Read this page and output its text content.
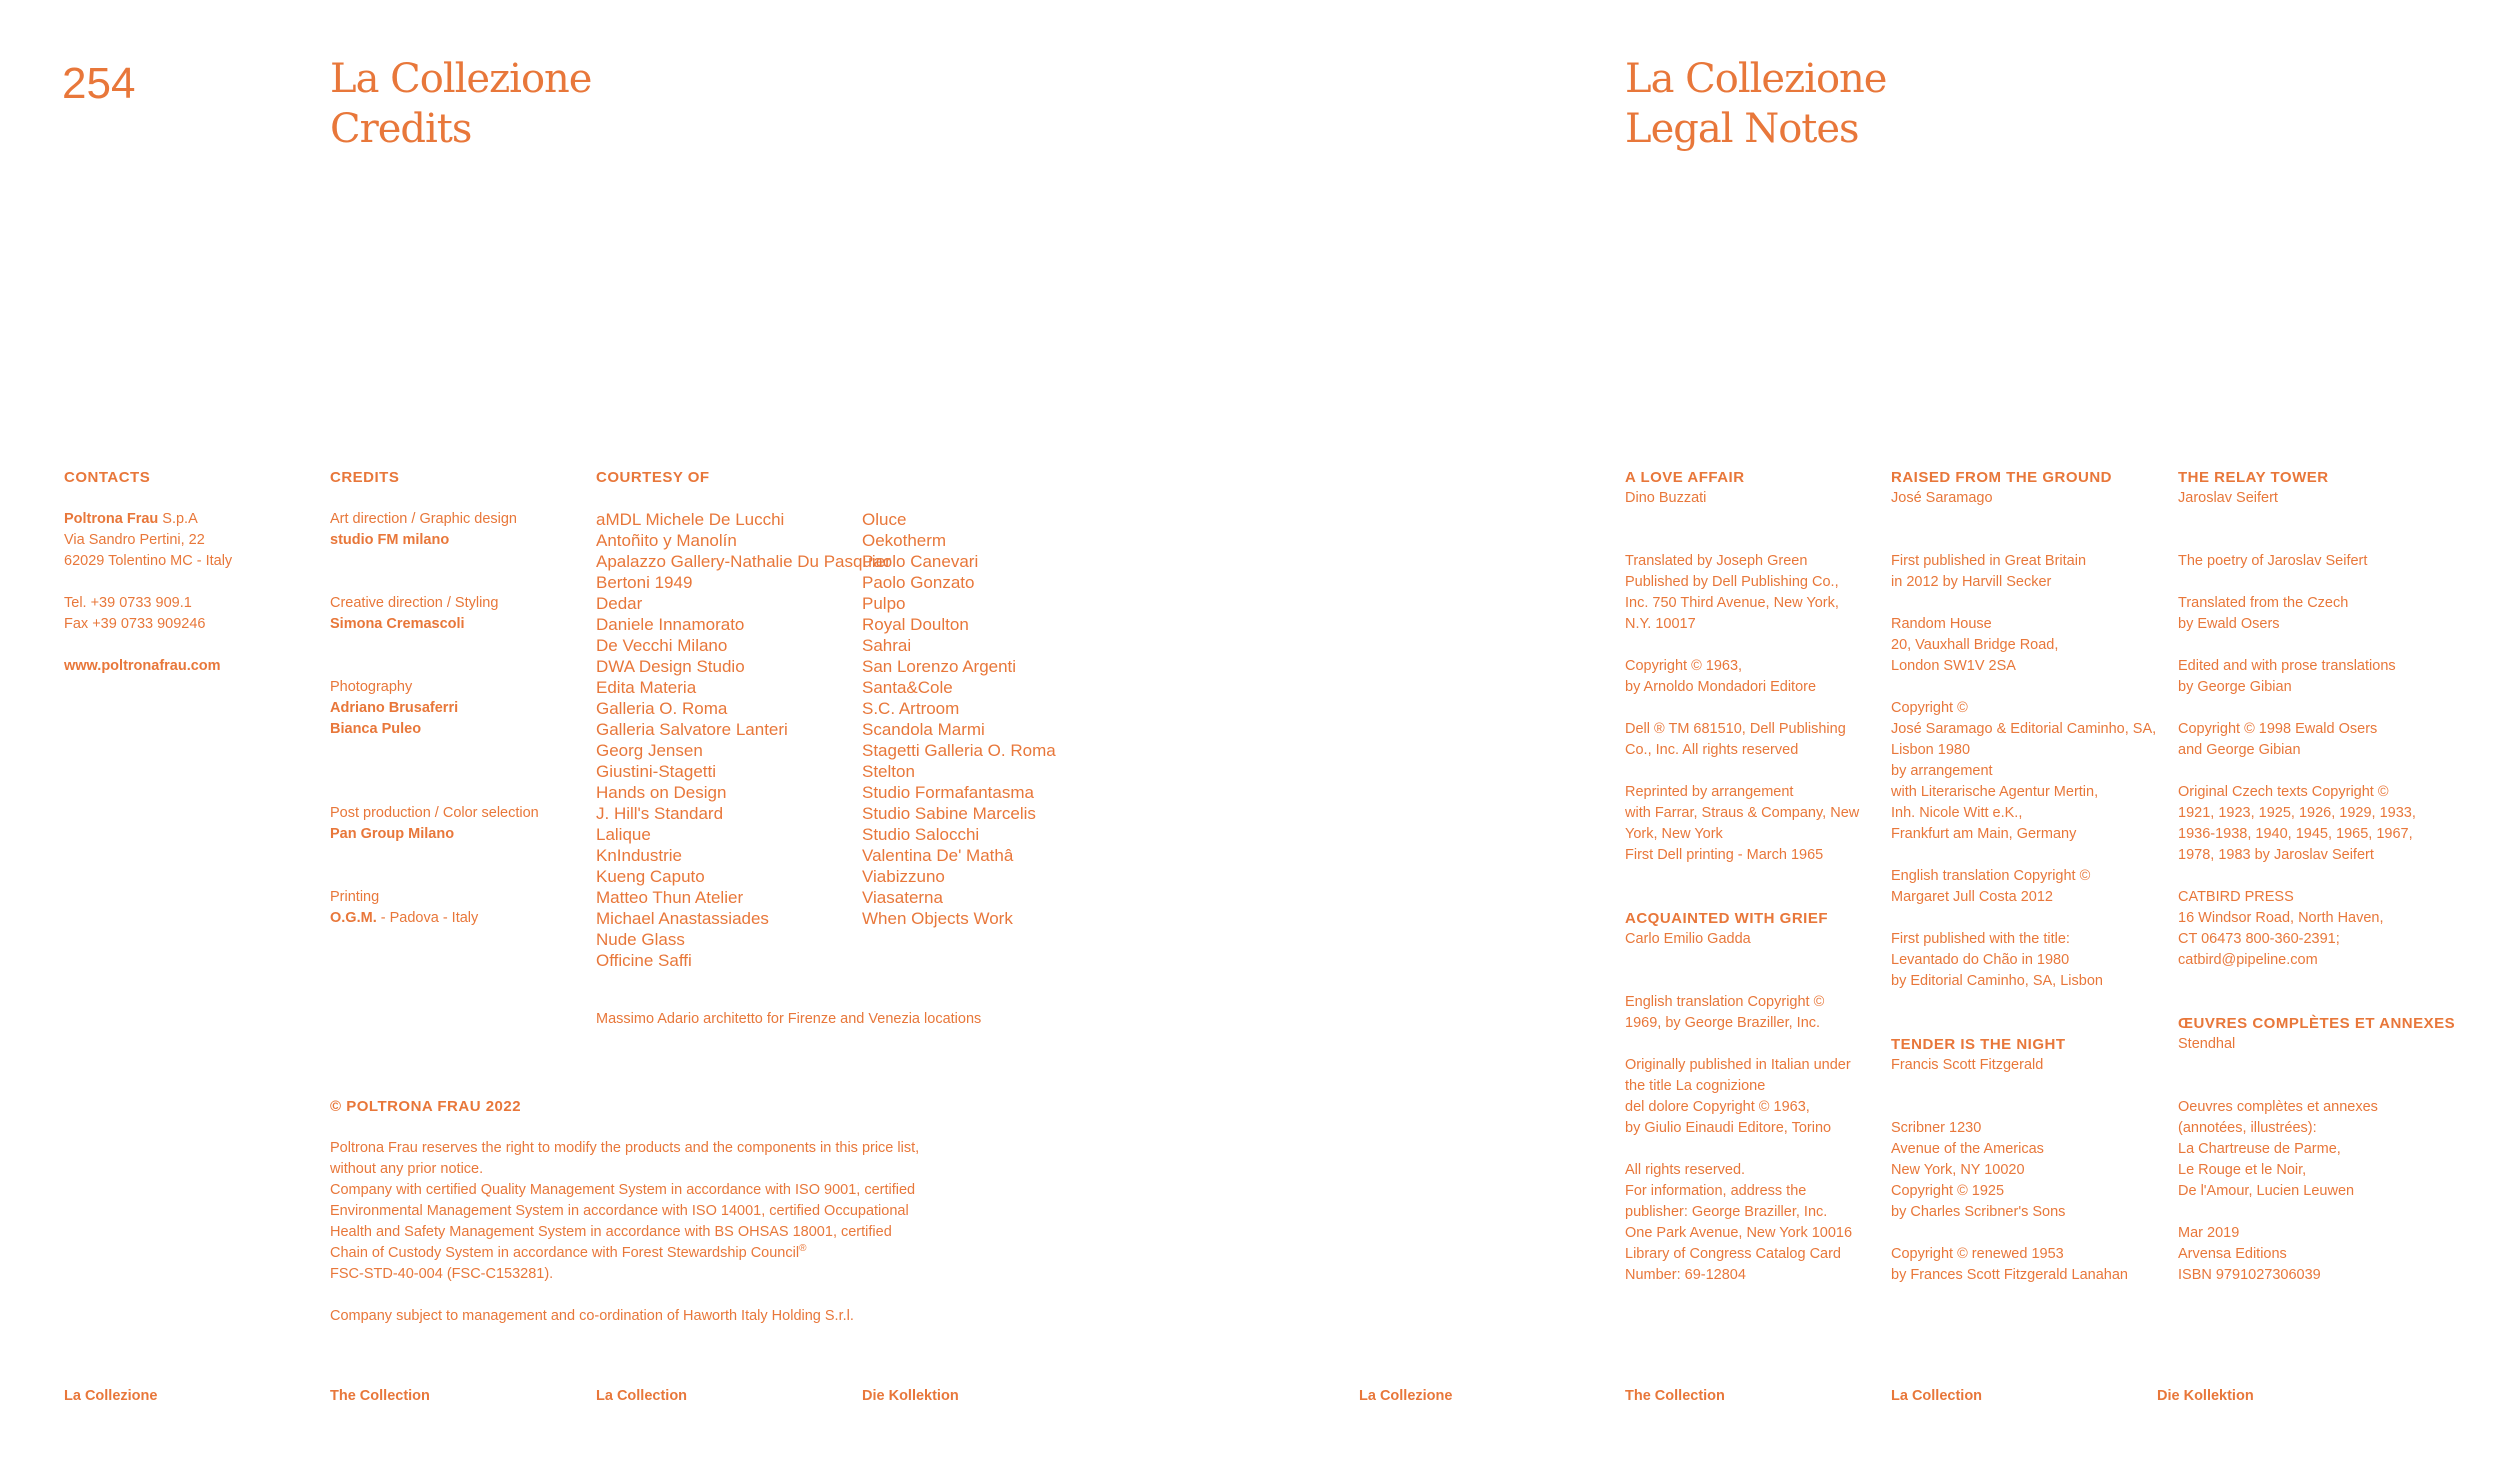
254	La Collezione
Credits
CONTACTS
Poltrona Frau S.p.A
Via Sandro Pertini, 22
62029 Tolentino MC - Italy
Tel. +39 0733 909.1
Fax +39 0733 909246
www.poltronafrau.com
CREDITS
Art direction / Graphic design
studio FM milano
Creative direction / Styling
Simona Cremascoli
Photography
Adriano Brusaferri
Bianca Puleo
Post production / Color selection
Pan Group Milano
Printing
O.G.M. - Padova - Italy
COURTESY OF
aMDL Michele De Lucchi
Antoñito y Manolín
Apalazzo Gallery-Nathalie Du Pasquier
Bertoni 1949
Dedar
Daniele Innamorato
De Vecchi Milano
DWA Design Studio
Edita Materia
Galleria O. Roma
Galleria Salvatore Lanteri
Georg Jensen
Giustini-Stagetti
Hands on Design
J. Hill's Standard
Lalique
KnIndustrie
Kueng Caputo
Matteo Thun Atelier
Michael Anastassiades
Nude Glass
Officine Saffi
Oluce
Oekotherm
Paolo Canevari
Paolo Gonzato
Pulpo
Royal Doulton
Sahrai
San Lorenzo Argenti
Santa&Cole
S.C. Artroom
Scandola Marmi
Stagetti Galleria O. Roma
Stelton
Studio Formafantasma
Studio Sabine Marcelis
Studio Salocchi
Valentina De' Mathâ
Viabizzuno
Viasaterna
When Objects Work
Massimo Adario architetto for Firenze and Venezia locations
© POLTRONA FRAU 2022
Poltrona Frau reserves the right to modify the products and the components in this price list,
without any prior notice.
Company with certified Quality Management System in accordance with ISO 9001, certified
Environmental Management System in accordance with ISO 14001, certified Occupational
Health and Safety Management System in accordance with BS OHSAS 18001, certified
Chain of Custody System in accordance with Forest Stewardship Council®
FSC-STD-40-004 (FSC-C153281).
Company subject to management and co-ordination of Haworth Italy Holding S.r.l.
La Collezione	The Collection	La Collection	Die Kollektion
La Collezione
Legal Notes
A LOVE AFFAIR
Dino Buzzati
Translated by Joseph Green
Published by Dell Publishing Co.,
Inc. 750 Third Avenue, New York,
N.Y. 10017
Copyright © 1963,
by Arnoldo Mondadori Editore
Dell ® TM 681510, Dell Publishing
Co., Inc. All rights reserved
Reprinted by arrangement
with Farrar, Straus & Company, New
York, New York
First Dell printing - March 1965
ACQUAINTED WITH GRIEF
Carlo Emilio Gadda
English translation Copyright ©
1969, by George Braziller, Inc.
Originally published in Italian under
the title La cognizione
del dolore Copyright © 1963,
by Giulio Einaudi Editore, Torino
All rights reserved.
For information, address the
publisher: George Braziller, Inc.
One Park Avenue, New York 10016
Library of Congress Catalog Card
Number: 69-12804
RAISED FROM THE GROUND
José Saramago
First published in Great Britain
in 2012 by Harvill Secker
Random House
20, Vauxhall Bridge Road,
London SW1V 2SA
Copyright ©
José Saramago & Editorial Caminho, SA,
Lisbon 1980
by arrangement
with Literarische Agentur Mertin,
Inh. Nicole Witt e.K.,
Frankfurt am Main, Germany
English translation Copyright ©
Margaret Jull Costa 2012
First published with the title:
Levantado do Chão in 1980
by Editorial Caminho, SA, Lisbon
TENDER IS THE NIGHT
Francis Scott Fitzgerald
Scribner 1230
Avenue of the Americas
New York, NY 10020
Copyright © 1925
by Charles Scribner's Sons
Copyright © renewed 1953
by Frances Scott Fitzgerald Lanahan
THE RELAY TOWER
Jaroslav Seifert
The poetry of Jaroslav Seifert
Translated from the Czech
by Ewald Osers
Edited and with prose translations
by George Gibian
Copyright © 1998 Ewald Osers
and George Gibian
Original Czech texts Copyright ©
1921, 1923, 1925, 1926, 1929, 1933,
1936-1938, 1940, 1945, 1965, 1967,
1978, 1983 by Jaroslav Seifert
CATBIRD PRESS
16 Windsor Road, North Haven,
CT 06473 800-360-2391;
catbird@pipeline.com
ŒUVRES COMPLÈTES ET ANNEXES
Stendhal
Oeuvres complètes et annexes
(annotées, illustrées):
La Chartreuse de Parme,
Le Rouge et le Noir,
De l'Amour, Lucien Leuwen
Mar 2019
Arvensa Editions
ISBN 9791027306039
La Collezione	The Collection	La Collection	Die Kollektion
